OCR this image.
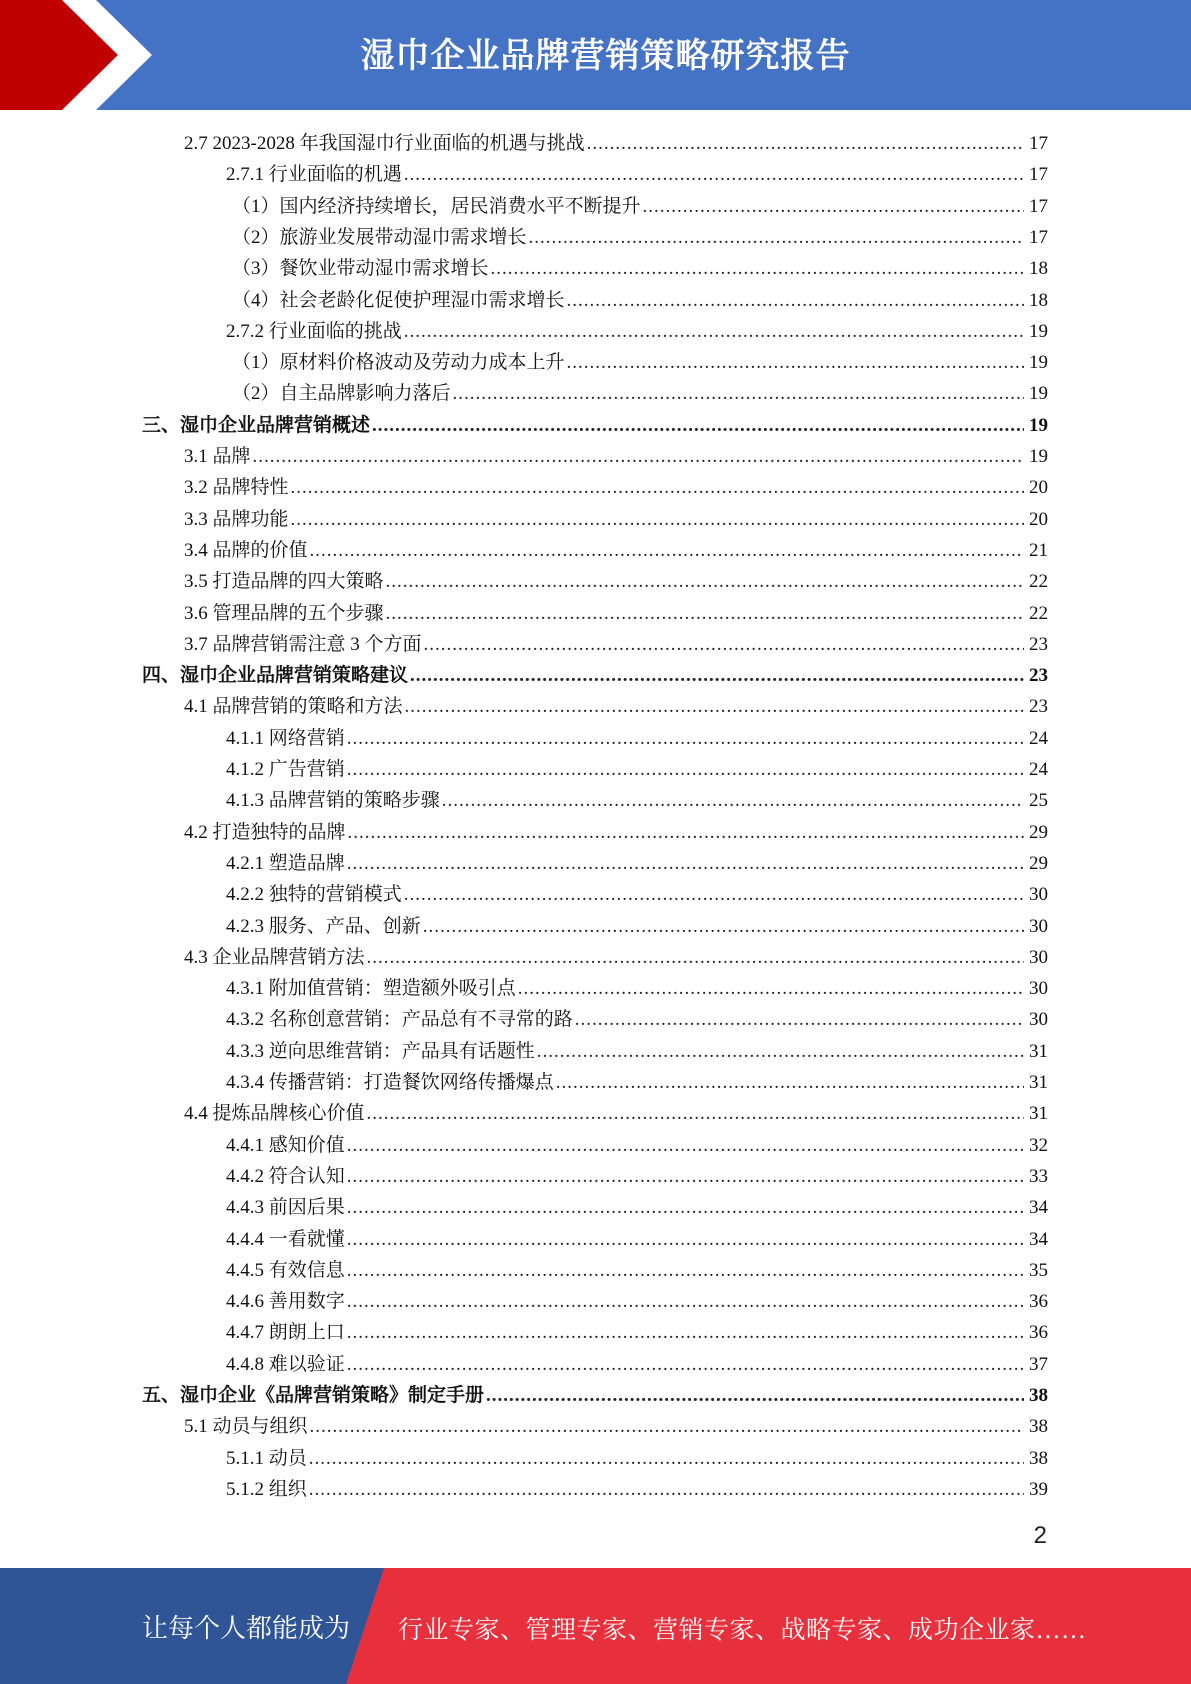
湿巾企业品牌营销策略研究报告
2.7 2023-2028 年我国湿巾行业面临的机遇与挑战 .....	17
2.7.1 行业面临的机遇 .....	17
（1）国内经济持续增长，居民消费水平不断提升 .....	17
（2）旅游业发展带动湿巾需求增长 .....	17
（3）餐饮业带动湿巾需求增长 .....	18
（4）社会老龄化促使护理湿巾需求增长 .....	18
2.7.2 行业面临的挑战 .....	19
（1）原材料价格波动及劳动力成本上升 .....	19
（2）自主品牌影响力落后 .....	19
三、湿巾企业品牌营销概述 .....	19
3.1 品牌 .....	19
3.2 品牌特性 .....	20
3.3 品牌功能 .....	20
3.4 品牌的价值 .....	21
3.5 打造品牌的四大策略 .....	22
3.6 管理品牌的五个步骤 .....	22
3.7 品牌营销需注意 3 个方面 .....	23
四、湿巾企业品牌营销策略建议 .....	23
4.1 品牌营销的策略和方法 .....	23
4.1.1 网络营销 .....	24
4.1.2 广告营销 .....	24
4.1.3 品牌营销的策略步骤 .....	25
4.2 打造独特的品牌 .....	29
4.2.1 塑造品牌 .....	29
4.2.2 独特的营销模式 .....	30
4.2.3 服务、产品、创新 .....	30
4.3 企业品牌营销方法 .....	30
4.3.1 附加值营销：塑造额外吸引点 .....	30
4.3.2 名称创意营销：产品总有不寻常的路 .....	30
4.3.3 逆向思维营销：产品具有话题性 .....	31
4.3.4 传播营销：打造餐饮网络传播爆点 .....	31
4.4 提炼品牌核心价值 .....	31
4.4.1 感知价值 .....	32
4.4.2 符合认知 .....	33
4.4.3 前因后果 .....	34
4.4.4 一看就懂 .....	34
4.4.5 有效信息 .....	35
4.4.6 善用数字 .....	36
4.4.7 朗朗上口 .....	36
4.4.8 难以验证 .....	37
五、湿巾企业《品牌营销策略》制定手册 .....	38
5.1 动员与组织 .....	38
5.1.1 动员 .....	38
5.1.2 组织 .....	39
2
让每个人都能成为 行业专家、管理专家、营销专家、战略专家、成功企业家……
